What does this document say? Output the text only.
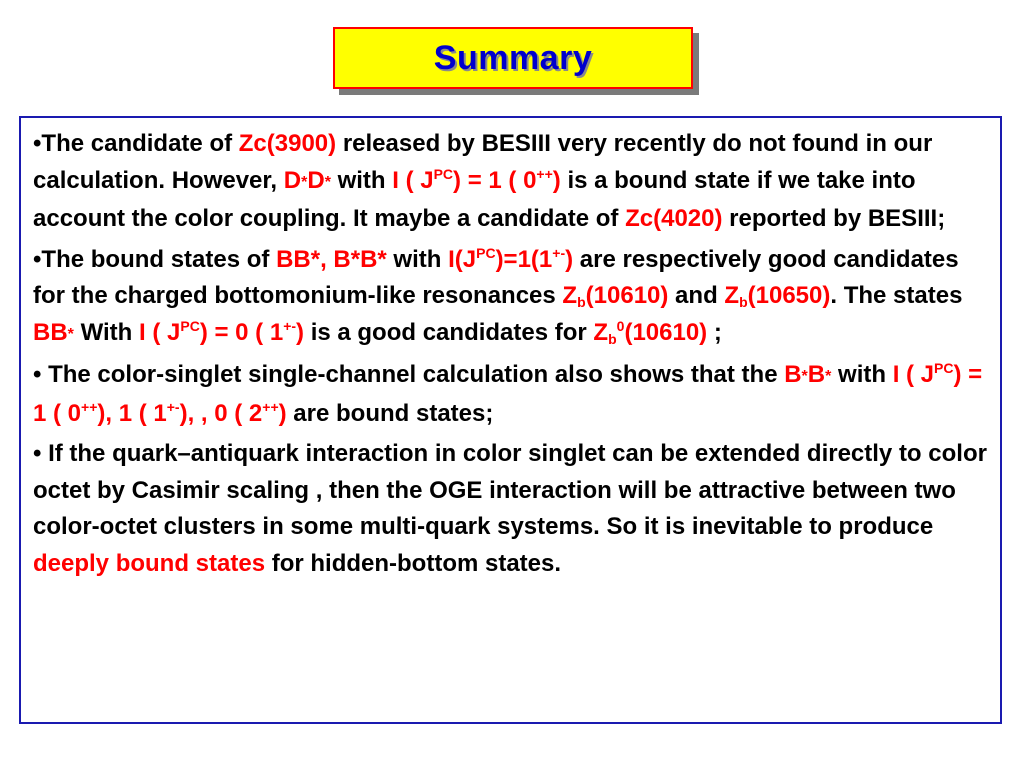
Summary

•The candidate of Zc(3900) released by BESIII very recently do not found in our calculation. However, D*D* with I ( $J^{PC}) = 1$ ( 0++) is a bound state if we take into account the color coupling. It maybe a candidate of Zc(4020) reported by BESIII;

•The bound states of BB*, B*B* with $I(J^{PC})=1(1^{+-})$ are respectively good candidates for the charged bottomonium-like resonances $Z_b(10610)$ and $Z_b(10650)$. The states BB* With I ( $J^{PC}) = 0$ ( 1+-) is a good candidates for $Z_b^0(10610)$ ;

• The color-singlet single-channel calculation also shows that the B*B* with I ( $J^{PC}) = 1$ ( 0++), 1 ( 1+-), , 0 ( 2++) are bound states;

• If the quark–antiquark interaction in color singlet can be extended directly to color octet by Casimir scaling , then the OGE interaction will be attractive between two color-octet clusters in some multi-quark systems. So it is inevitable to produce deeply bound states for hidden-bottom states.
